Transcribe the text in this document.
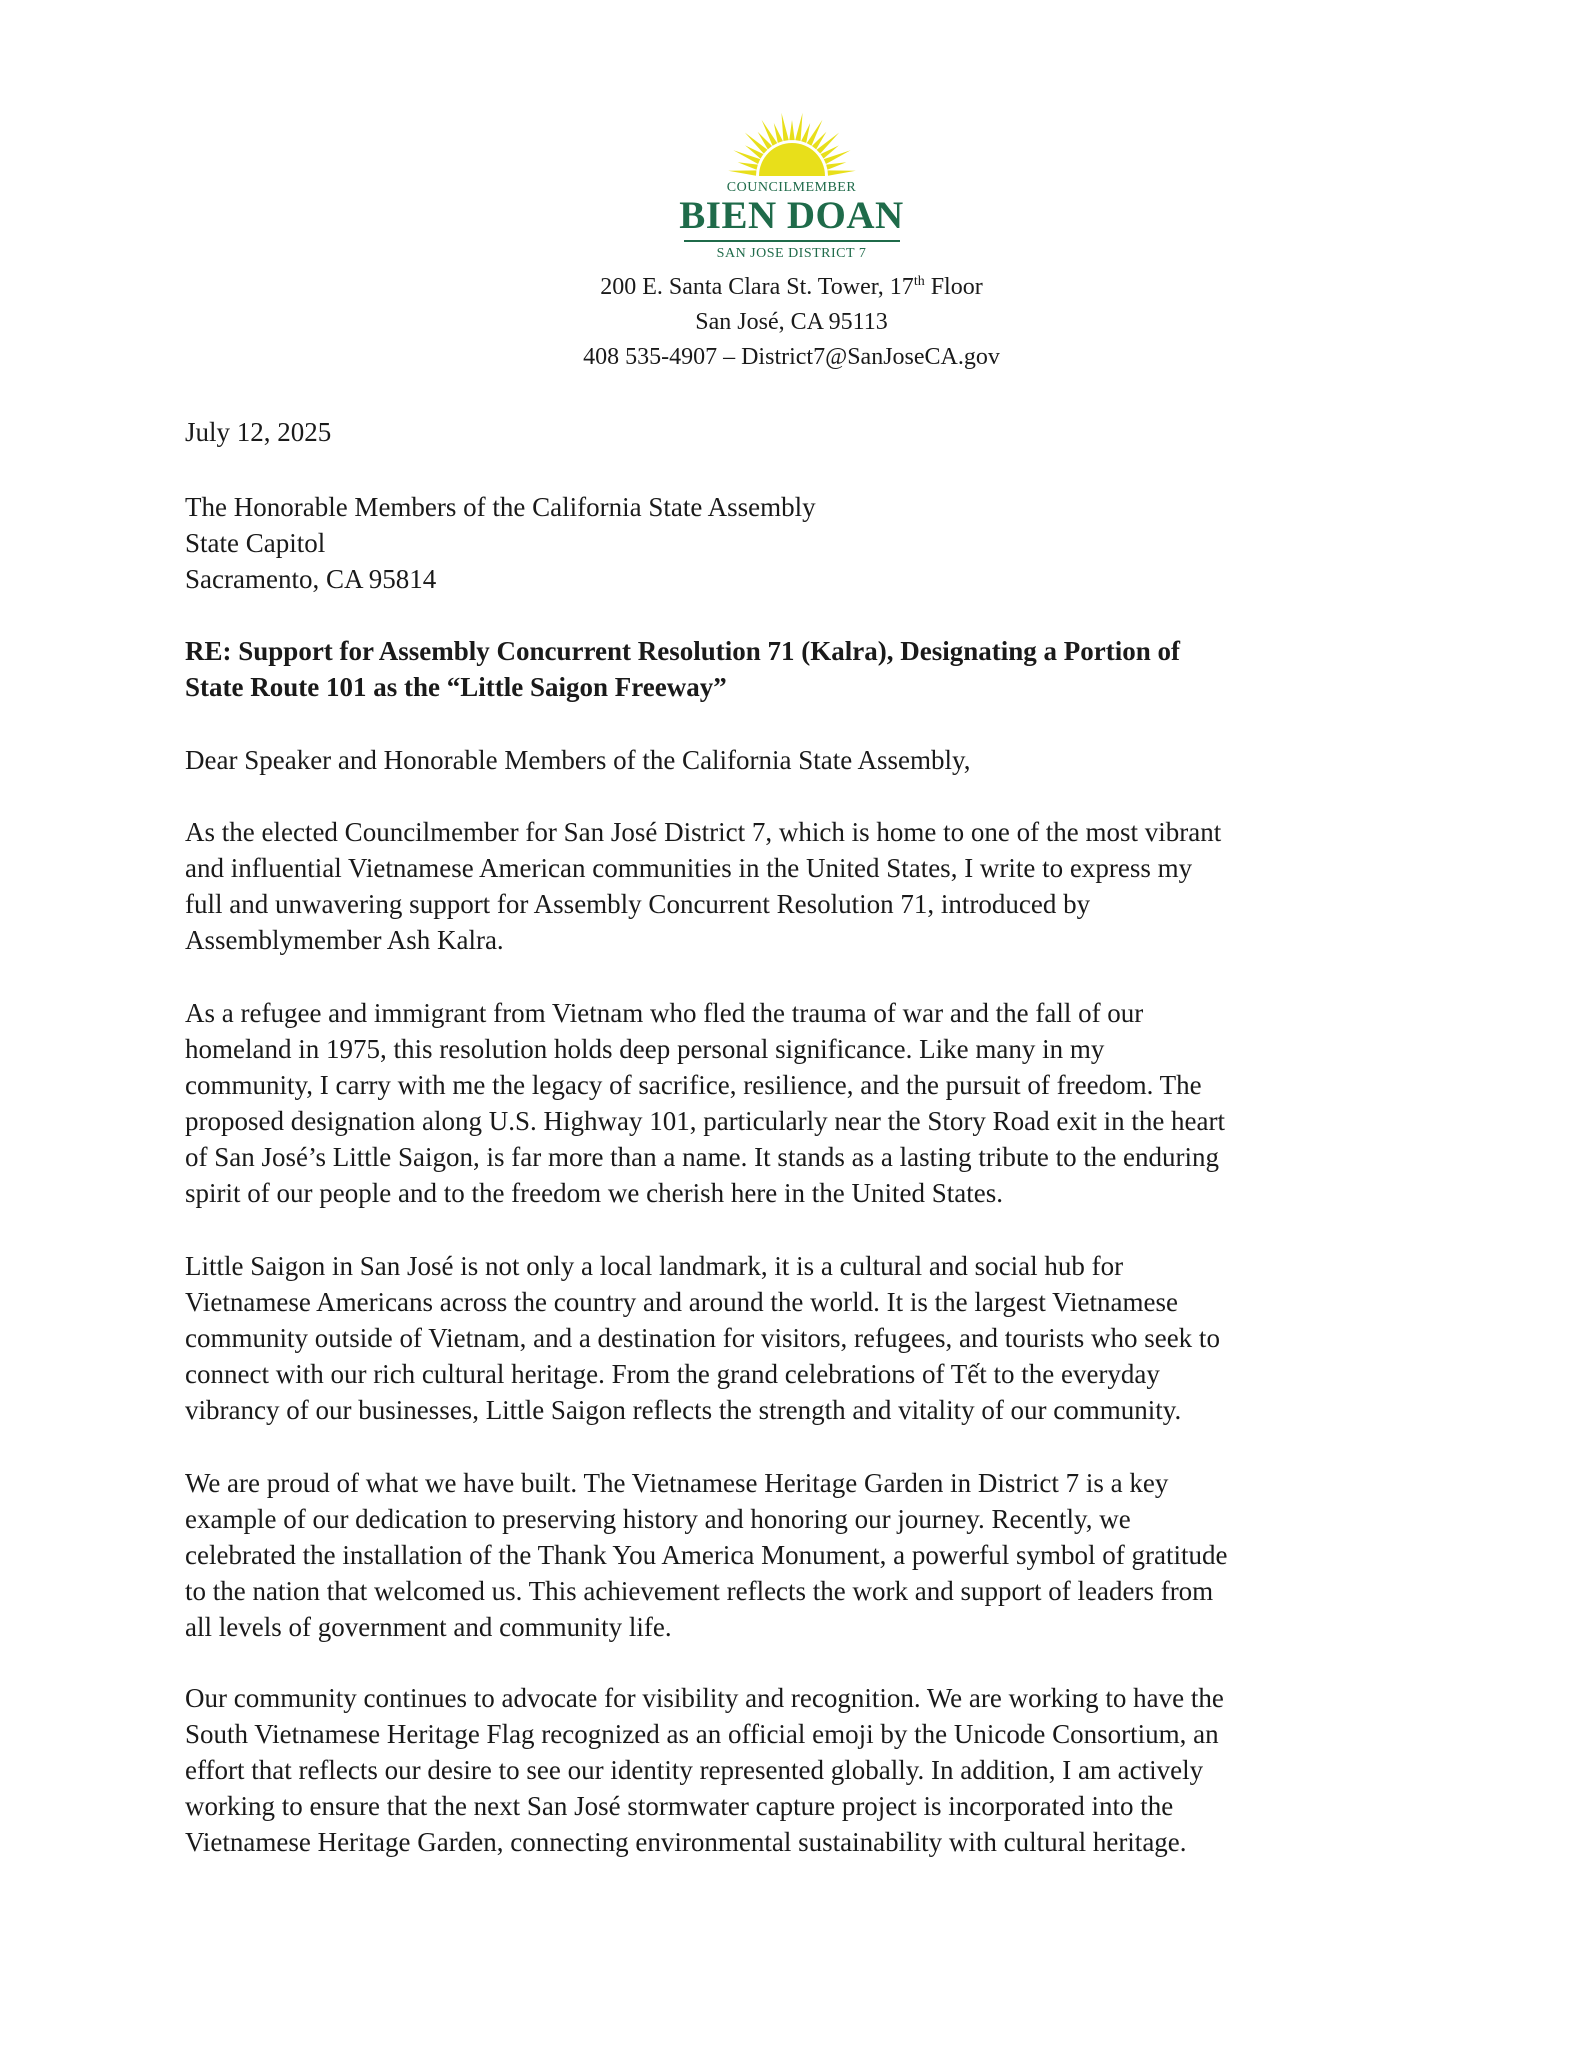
COUNCILMEMBER
BIEN DOAN
SAN JOSE DISTRICT 7
200 E. Santa Clara St. Tower, 17th Floor
San José, CA 95113
408 535-4907 – District7@SanJoseCA.gov
July 12, 2025
The Honorable Members of the California State Assembly
State Capitol
Sacramento, CA 95814
RE: Support for Assembly Concurrent Resolution 71 (Kalra), Designating a Portion of
State Route 101 as the “Little Saigon Freeway”
Dear Speaker and Honorable Members of the California State Assembly,
As the elected Councilmember for San José District 7, which is home to one of the most vibrant
and influential Vietnamese American communities in the United States, I write to express my
full and unwavering support for Assembly Concurrent Resolution 71, introduced by
Assemblymember Ash Kalra.
As a refugee and immigrant from Vietnam who fled the trauma of war and the fall of our
homeland in 1975, this resolution holds deep personal significance. Like many in my
community, I carry with me the legacy of sacrifice, resilience, and the pursuit of freedom. The
proposed designation along U.S. Highway 101, particularly near the Story Road exit in the heart
of San José’s Little Saigon, is far more than a name. It stands as a lasting tribute to the enduring
spirit of our people and to the freedom we cherish here in the United States.
Little Saigon in San José is not only a local landmark, it is a cultural and social hub for
Vietnamese Americans across the country and around the world. It is the largest Vietnamese
community outside of Vietnam, and a destination for visitors, refugees, and tourists who seek to
connect with our rich cultural heritage. From the grand celebrations of Tết to the everyday
vibrancy of our businesses, Little Saigon reflects the strength and vitality of our community.
We are proud of what we have built. The Vietnamese Heritage Garden in District 7 is a key
example of our dedication to preserving history and honoring our journey. Recently, we
celebrated the installation of the Thank You America Monument, a powerful symbol of gratitude
to the nation that welcomed us. This achievement reflects the work and support of leaders from
all levels of government and community life.
Our community continues to advocate for visibility and recognition. We are working to have the
South Vietnamese Heritage Flag recognized as an official emoji by the Unicode Consortium, an
effort that reflects our desire to see our identity represented globally. In addition, I am actively
working to ensure that the next San José stormwater capture project is incorporated into the
Vietnamese Heritage Garden, connecting environmental sustainability with cultural heritage.
